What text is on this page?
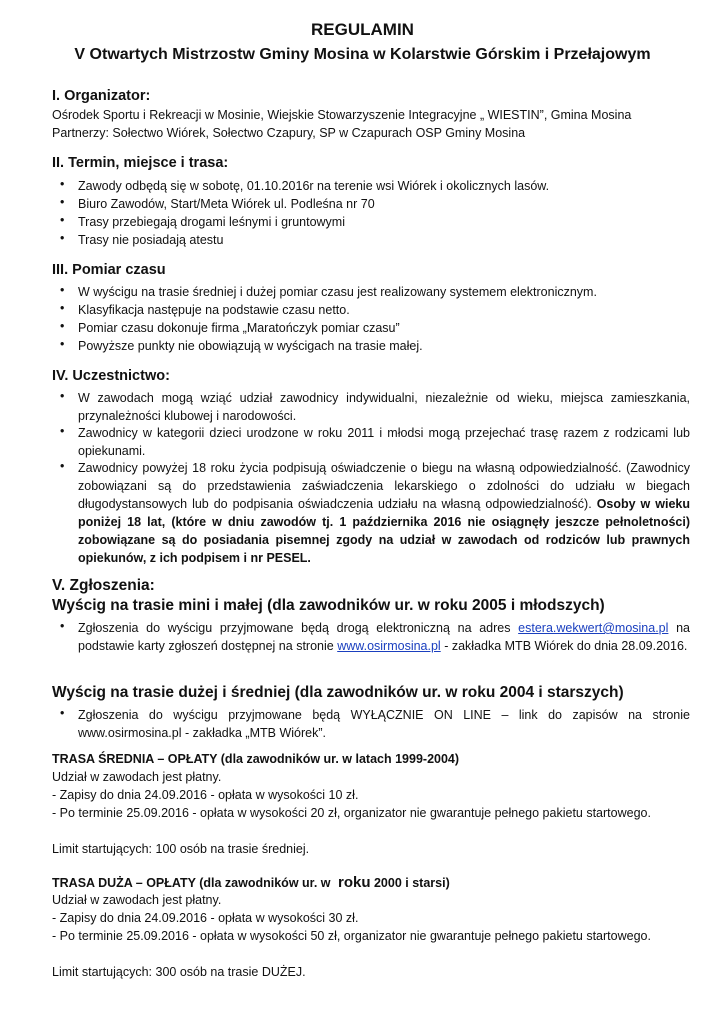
REGULAMIN
V Otwartych Mistrzostw Gminy Mosina w Kolarstwie Górskim i Przełajowym
I. Organizator:
Ośrodek Sportu i Rekreacji w Mosinie, Wiejskie Stowarzyszenie Integracyjne „ WIESTIN”, Gmina Mosina
Partnerzy: Sołectwo Wiórek, Sołectwo Czapury, SP w Czapurach OSP Gminy Mosina
II. Termin, miejsce i trasa:
• Zawody odbędą się w sobotę, 01.10.2016r na terenie wsi Wiórek i okolicznych lasów.
• Biuro Zawodów, Start/Meta Wiórek ul. Podleśna nr 70
• Trasy przebiegają drogami leśnymi i gruntowymi
• Trasy nie posiadają atestu
III. Pomiar czasu
• W wyścigu na trasie średniej i dużej pomiar czasu jest realizowany systemem elektronicznym.
• Klasyfikacja następuje na podstawie czasu netto.
• Pomiar czasu dokonuje firma „Maratończyk pomiar czasu”
• Powyższe punkty nie obowiązują w wyścigach na trasie małej.
IV. Uczestnictwo:
• W zawodach mogą wziąć udział zawodnicy indywidualni, niezależnie od wieku, miejsca zamieszkania, przynależności klubowej i narodowości.
• Zawodnicy w kategorii dzieci urodzone w roku 2011 i młodsi mogą przejechać trasę razem z rodzicami lub opiekunami.
• Zawodnicy powyżej 18 roku życia podpisują oświadczenie o biegu na własną odpowiedzialność. (Zawodnicy zobowiązani są do przedstawienia zaświadczenia lekarskiego o zdolności do udziału w biegach długodystansowych lub do podpisania oświadczenia udziału na własną odpowiedzialność). Osoby w wieku poniżej 18 lat, (które w dniu zawodów tj. 1 października 2016 nie osiągnęły jeszcze pełnoletności) zobowiązane są do posiadania pisemnej zgody na udział w zawodach od rodziców lub prawnych opiekunów, z ich podpisem i nr PESEL.
V. Zgłoszenia:
Wyścig na trasie mini i małej (dla zawodników ur. w roku 2005 i młodszych)
• Zgłoszenia do wyścigu przyjmowane będą drogą elektroniczną na adres estera.wekwert@mosina.pl na podstawie karty zgłoszeń dostępnej na stronie www.osirmosina.pl - zakładka MTB Wiórek do dnia 28.09.2016.
Wyścig na trasie dużej i średniej (dla zawodników ur. w roku 2004 i starszych)
• Zgłoszenia do wyścigu przyjmowane będą WYŁĄCZNIE ON LINE – link do zapisów na stronie www.osirmosina.pl - zakładka „MTB Wiórek”.
TRASA ŚREDNIA – OPŁATY (dla zawodników ur. w latach 1999-2004)
Udział w zawodach jest płatny.
- Zapisy do dnia 24.09.2016 - opłata w wysokości 10 zł.
- Po terminie 25.09.2016 - opłata w wysokości 20 zł, organizator nie gwarantuje pełnego pakietu startowego.
Limit startujących: 100 osób na trasie średniej.
TRASA DUŻA – OPŁATY (dla zawodników ur. w roku 2000 i starsi)
Udział w zawodach jest płatny.
- Zapisy do dnia 24.09.2016 - opłata w wysokości 30 zł.
- Po terminie 25.09.2016 - opłata w wysokości 50 zł, organizator nie gwarantuje pełnego pakietu startowego.
Limit startujących: 300 osób na trasie DUŻEJ.
